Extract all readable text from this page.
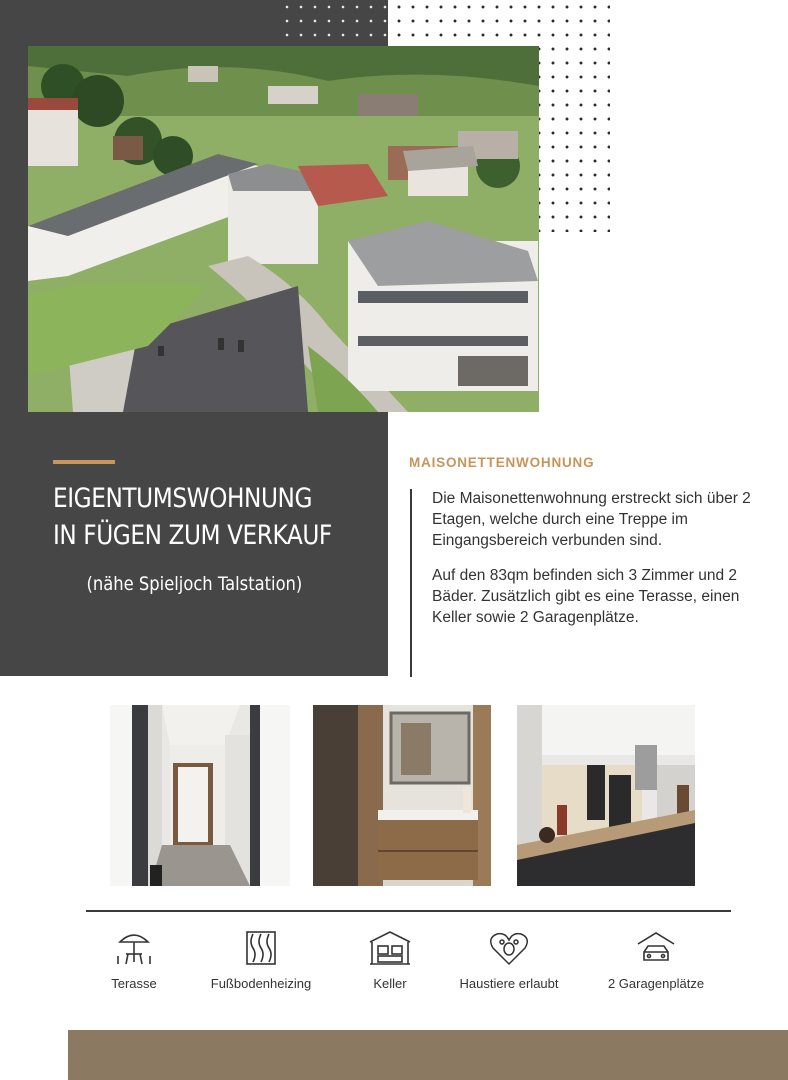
EIGENTUMSWOHNUNG
IN FÜGEN ZUM VERKAUF
(nähe Spieljoch Talstation)
MAISONETTENWOHNUNG

Die Maisonettenwohnung erstreckt sich über 2 Etagen, welche durch eine Treppe im Eingangsbereich verbunden sind.

Auf den 83qm befinden sich 3 Zimmer und 2 Bäder. Zusätzlich gibt es eine Terasse, einen Keller sowie 2 Garagenplätze.

Terasse	Fußbodenheizing	Keller	Haustiere erlaubt	2 Garagenplätze
